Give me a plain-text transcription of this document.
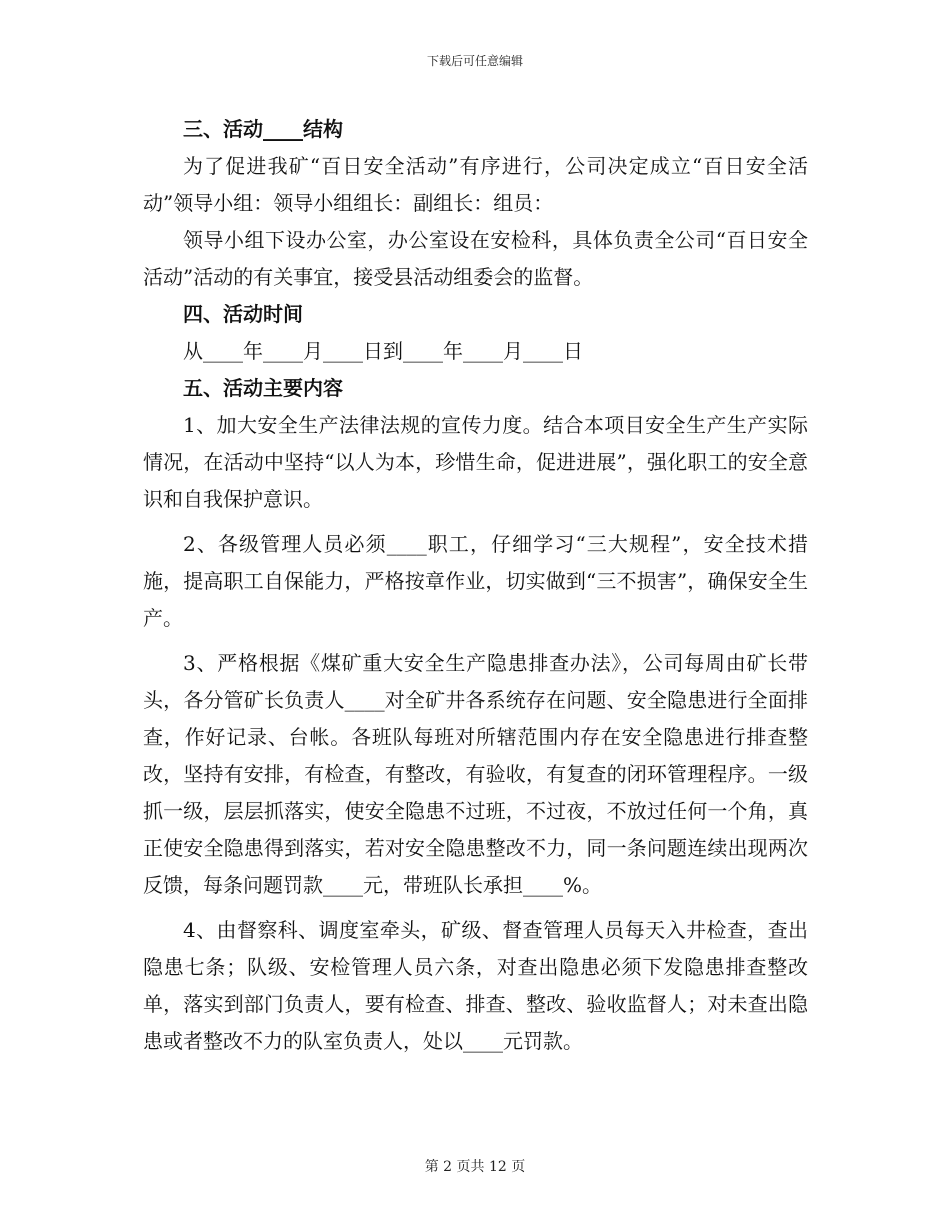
下载后可任意编辑
三、活动____结构

为了促进我矿“百日安全活动”有序进行，公司决定成立“百日安全活动”领导小组：领导小组组长：副组长：组员：

领导小组下设办公室，办公室设在安检科，具体负责全公司“百日安全活动”活动的有关事宜，接受县活动组委会的监督。

四、活动时间

从____年____月____日到____年____月____日

五、活动主要内容

1、加大安全生产法律法规的宣传力度。结合本项目安全生产生产实际情况，在活动中坚持“以人为本，珍惜生命，促进进展”，强化职工的安全意识和自我保护意识。

2、各级管理人员必须____职工，仔细学习“三大规程”，安全技术措施，提高职工自保能力，严格按章作业，切实做到“三不损害”，确保安全生产。

3、严格根据《煤矿重大安全生产隐患排查办法》，公司每周由矿长带头，各分管矿长负责人____对全矿井各系统存在问题、安全隐患进行全面排查，作好记录、台帐。各班队每班对所辖范围内存在安全隐患进行排查整改，坚持有安排，有检查，有整改，有验收，有复查的闭环管理程序。一级抓一级，层层抓落实，使安全隐患不过班，不过夜，不放过任何一个角，真正使安全隐患得到落实，若对安全隐患整改不力，同一条问题连续出现两次反馈，每条问题罚款____元，带班队长承担____%。

4、由督察科、调度室牵头，矿级、督查管理人员每天入井检查，查出隐患七条；队级、安检管理人员六条，对查出隐患必须下发隐患排查整改单，落实到部门负责人，要有检查、排查、整改、验收监督人；对未查出隐患或者整改不力的队室负责人，处以____元罚款。

第 2 页共 12 页
